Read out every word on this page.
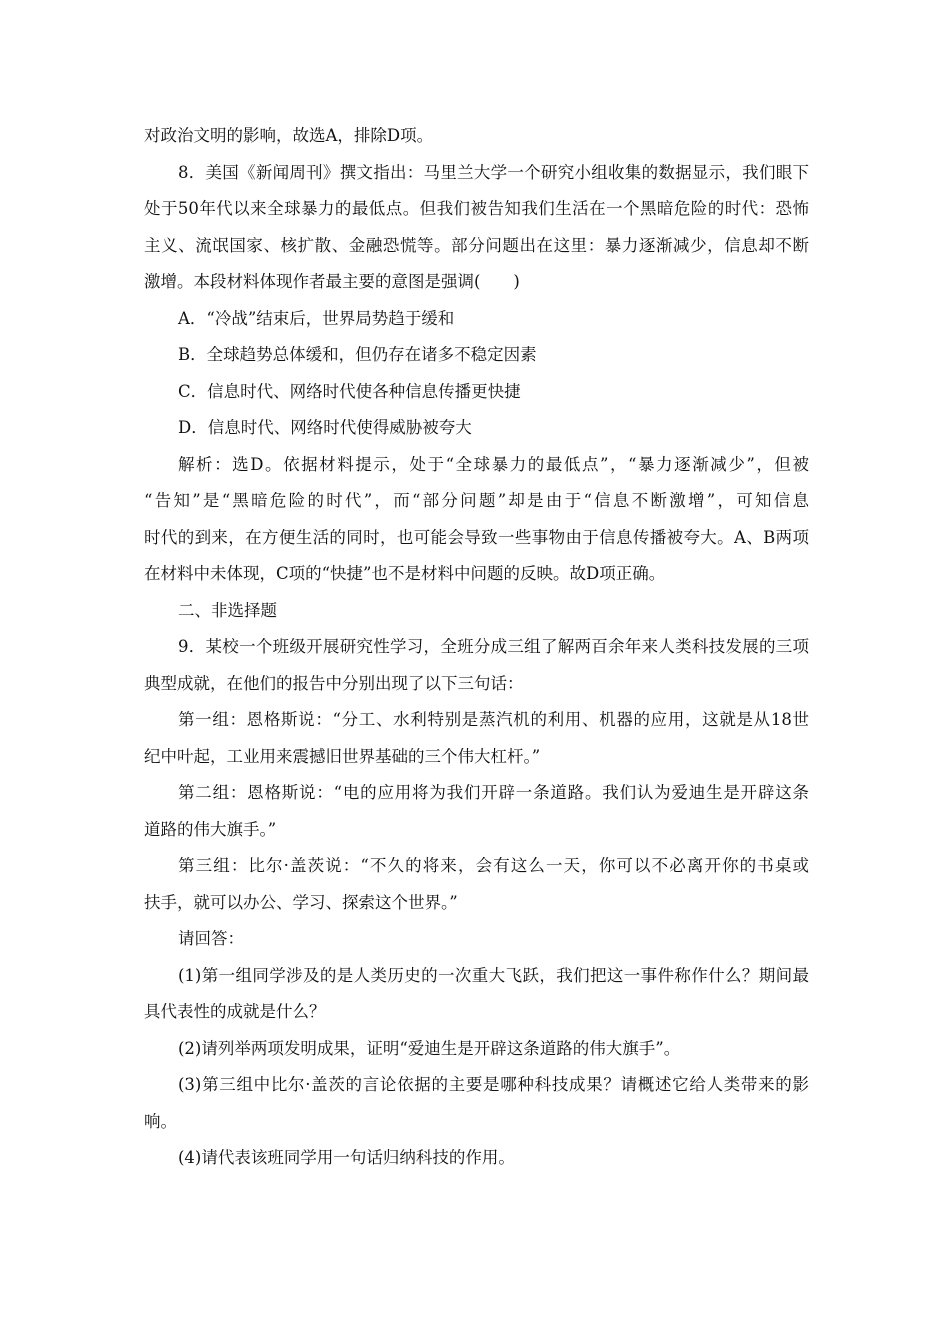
对政治文明的影响，故选A，排除D项。
8．美国《新闻周刊》撰文指出：马里兰大学一个研究小组收集的数据显示，我们眼下
处于50年代以来全球暴力的最低点。但我们被告知我们生活在一个黑暗危险的时代：恐怖
主义、流氓国家、核扩散、金融恐慌等。部分问题出在这里：暴力逐渐减少，信息却不断
激增。本段材料体现作者最主要的意图是强调(　　)
A．“冷战”结束后，世界局势趋于缓和
B．全球趋势总体缓和，但仍存在诸多不稳定因素
C．信息时代、网络时代使各种信息传播更快捷
D．信息时代、网络时代使得威胁被夸大
解析：选D。依据材料提示，处于“全球暴力的最低点”，“暴力逐渐减少”，但被
“告知”是“黑暗危险的时代”，而“部分问题”却是由于“信息不断激增”，可知信息
时代的到来，在方便生活的同时，也可能会导致一些事物由于信息传播被夸大。A、B两项
在材料中未体现，C项的“快捷”也不是材料中问题的反映。故D项正确。
二、非选择题
9．某校一个班级开展研究性学习，全班分成三组了解两百余年来人类科技发展的三项
典型成就，在他们的报告中分别出现了以下三句话：
第一组：恩格斯说：“分工、水利特别是蒸汽机的利用、机器的应用，这就是从18世
纪中叶起，工业用来震撼旧世界基础的三个伟大杠杆。”
第二组：恩格斯说：“电的应用将为我们开辟一条道路。我们认为爱迪生是开辟这条
道路的伟大旗手。”
第三组：比尔·盖茨说：“不久的将来，会有这么一天，你可以不必离开你的书桌或
扶手，就可以办公、学习、探索这个世界。”
请回答：
(1)第一组同学涉及的是人类历史的一次重大飞跃，我们把这一事件称作什么？期间最
具代表性的成就是什么？
(2)请列举两项发明成果，证明“爱迪生是开辟这条道路的伟大旗手”。
(3)第三组中比尔·盖茨的言论依据的主要是哪种科技成果？请概述它给人类带来的影
响。
(4)请代表该班同学用一句话归纳科技的作用。
